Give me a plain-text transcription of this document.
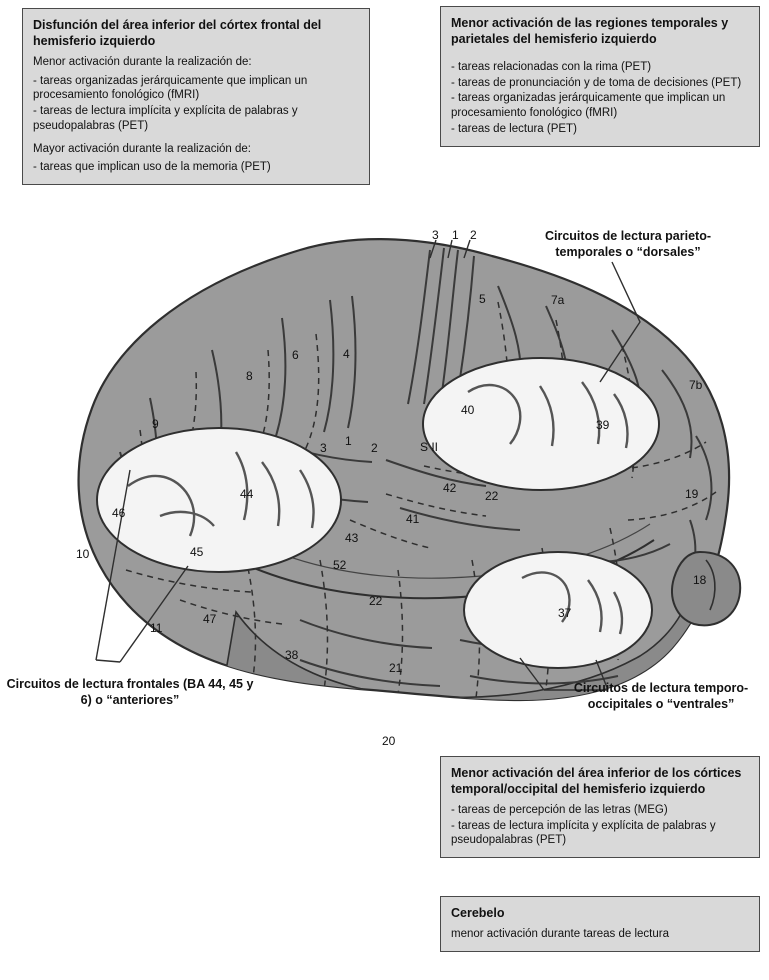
3 1 2
5	7a
7b
8
6	4
9
3 1 2	S II
40
39
42
22
41
44
46
45
43
52
10
19
18
22
37
11
47
38
21
20
Disfunción del área inferior del córtex frontal del hemisferio izquierdo
Menor activación durante la realización de:
- tareas organizadas jerárquicamente que implican un procesamiento fonológico (fMRI)
- tareas de lectura implícita y explícita de palabras y pseudopalabras (PET)
Mayor activación durante la realización de:
- tareas que implican uso de la memoria (PET)
Menor activación de las regiones temporales y parietales del hemisferio izquierdo
- tareas relacionadas con la rima (PET)
- tareas de pronunciación y de toma de decisiones (PET)
- tareas organizadas jerárquicamente que implican un procesamiento fonológico (fMRI)
- tareas de lectura (PET)
Menor activación del área inferior de los córtices temporal/occipital del hemisferio izquierdo
- tareas de percepción de las letras (MEG)
- tareas de lectura implícita y explícita de palabras y pseudopalabras (PET)
Cerebelo
menor activación durante tareas de lectura
Circuitos de lectura parieto-temporales o “dorsales”
Circuitos de lectura temporo-occipitales o “ventrales”
Circuitos de lectura frontales (BA 44, 45 y 6) o “anteriores”
